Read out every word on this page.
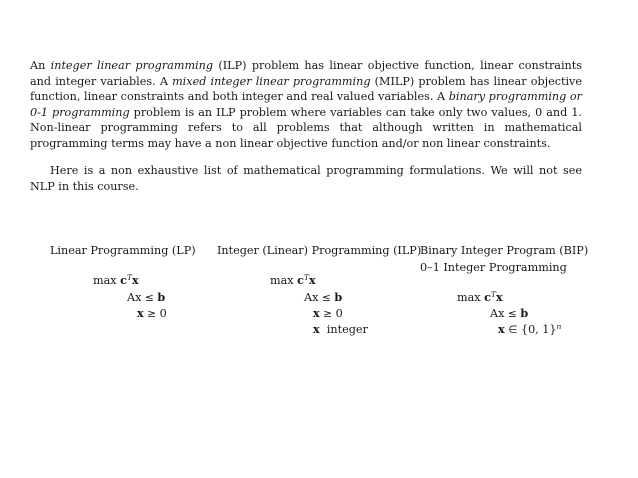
An integer linear programming (ILP) problem has linear objective function, linear constraints and integer variables. A mixed integer linear programming (MILP) problem has linear objective function, linear constraints and both integer and real valued variables. A binary programming or 0-1 programming problem is an ILP problem where variables can take only two values, 0 and 1. Non-linear programming refers to all problems that although written in mathematical programming terms may have a non linear objective function and/or non linear constraints.

Here is a non exhaustive list of mathematical programming formulations. We will not see NLP in this course.

Linear Programming (LP) Integer (Linear) Programming (ILP)
Binary Integer Program (BIP)
0–1 Integer Programming
$\max c^Tx$
Ax ≤ b
x ≥ 0
$\max c^Tx$
Ax ≤ b
x ≥ 0
x integer
$\max c^Tx$
Ax ≤ b
x ∈ {0, 1}$^n$
